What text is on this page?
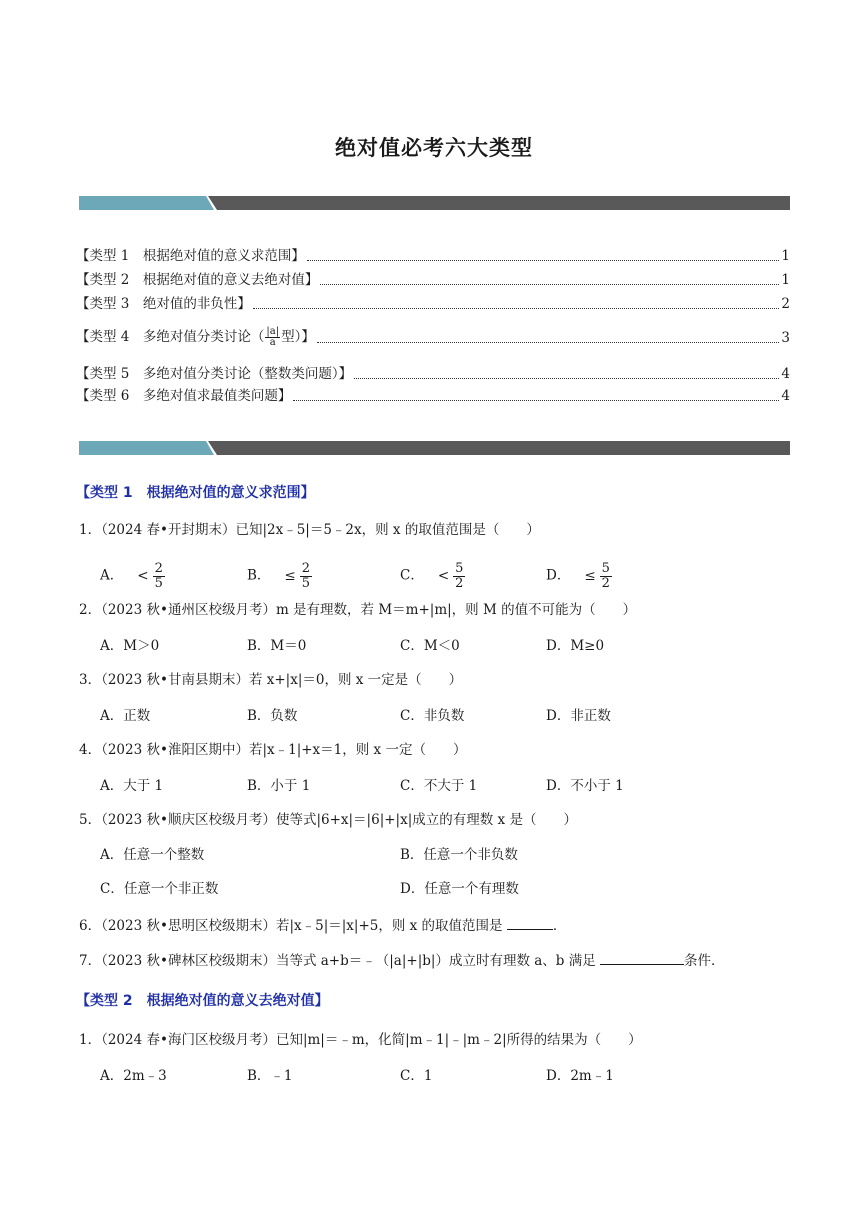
绝对值必考六大类型
【类型 1　根据绝对值的意义求范围】	1
【类型 2　根据绝对值的意义去绝对值】	1
【类型 3　绝对值的非负性】	2
【类型 4　多绝对值分类讨论（ $\frac{|a|}{a}$ 型）】	3
【类型 5　多绝对值分类讨论（整数类问题）】	4
【类型 6　多绝对值求最值类问题】	4
【类型 1　根据绝对值的意义求范围】
1．（2024 春•开封期末）已知|2x﹣5|＝5﹣2x，则 x 的取值范围是（　　）
A． < $\frac{2}{5}$	B． ≤ $\frac{2}{5}$	C． < $\frac{5}{2}$	D． ≤ $\frac{5}{2}$
2．（2023 秋•通州区校级月考）m 是有理数，若 M＝m+|m|，则 M 的值不可能为（　　）
A．M＞0	B．M＝0	C．M＜0	D．M≥0
3．（2023 秋•甘南县期末）若 x+|x|＝0，则 x 一定是（　　）
A．正数	B．负数	C．非负数	D．非正数
4．（2023 秋•淮阳区期中）若|x﹣1|+x＝1，则 x 一定（　　）
A．大于 1	B．小于 1	C．不大于 1	D．不小于 1
5．（2023 秋•顺庆区校级月考）使等式|6+x|＝|6|+|x|成立的有理数 x 是（　　）
A．任意一个整数	B．任意一个非负数
C．任意一个非正数	D．任意一个有理数
6．（2023 秋•思明区校级期末）若|x﹣5|＝|x|+5，则 x 的取值范围是	．
7．（2023 秋•碑林区校级期末）当等式 a+b＝﹣（|a|+|b|）成立时有理数 a、b 满足	条件．
【类型 2　根据绝对值的意义去绝对值】
1．（2024 春•海门区校级月考）已知|m|＝﹣m，化简|m﹣1|﹣|m﹣2|所得的结果为（　　）
A．2m﹣3	B．﹣1	C．1	D．2m﹣1
